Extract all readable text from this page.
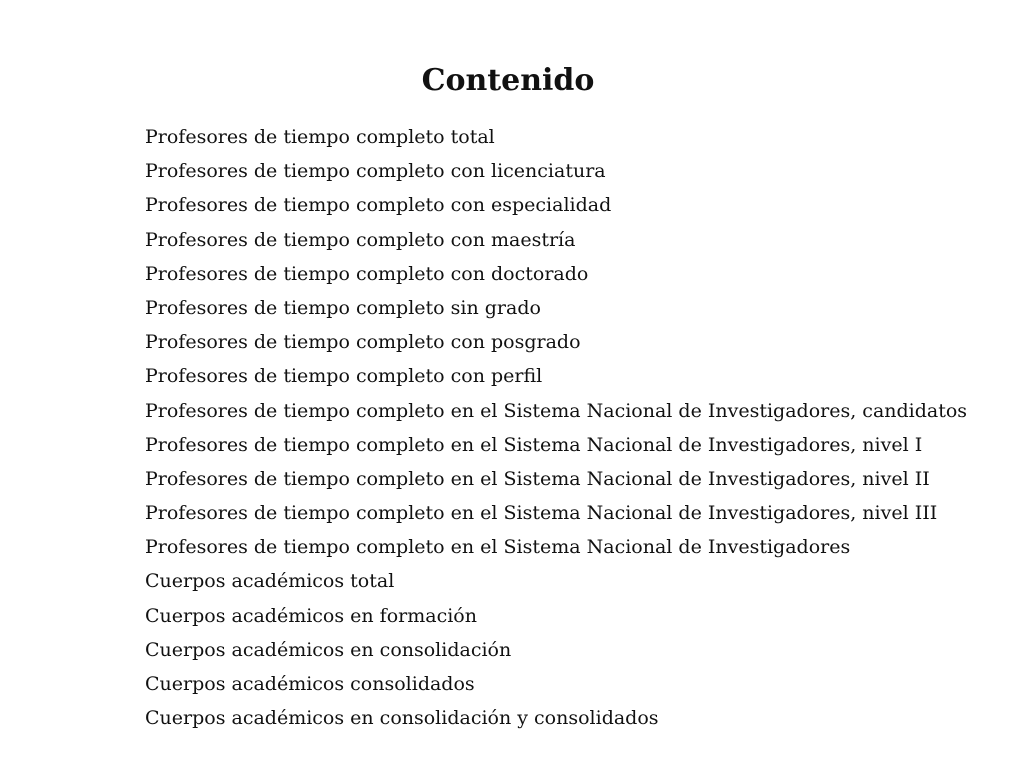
Contenido
Profesores de tiempo completo total
Profesores de tiempo completo con licenciatura
Profesores de tiempo completo con especialidad
Profesores de tiempo completo con maestría
Profesores de tiempo completo con doctorado
Profesores de tiempo completo sin grado
Profesores de tiempo completo con posgrado
Profesores de tiempo completo con perfil
Profesores de tiempo completo en el Sistema Nacional de Investigadores, candidatos
Profesores de tiempo completo en el Sistema Nacional de Investigadores, nivel I
Profesores de tiempo completo en el Sistema Nacional de Investigadores, nivel II
Profesores de tiempo completo en el Sistema Nacional de Investigadores, nivel III
Profesores de tiempo completo en el Sistema Nacional de Investigadores
Cuerpos académicos total
Cuerpos académicos en formación
Cuerpos académicos en consolidación
Cuerpos académicos consolidados
Cuerpos académicos en consolidación y consolidados
